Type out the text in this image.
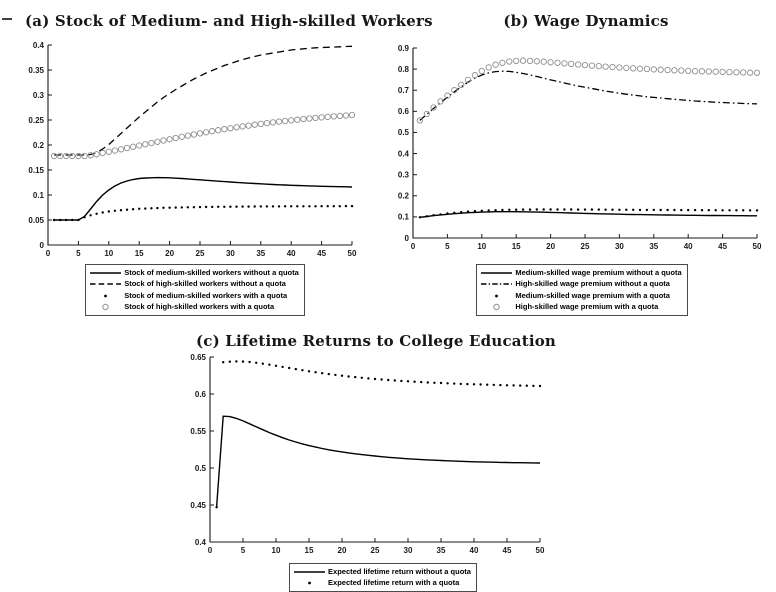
(a) Stock of Medium- and High-skilled Workers	(b) Wage Dynamics
(c) Lifetime Returns to College Education
0
0.05
0.1
0.15
0.2
0.25
0.3
0.35
0.4
0	5	10	15	20	25	30	35	40	45	50
0
0.1
0.2
0.3
0.4
0.5
0.6
0.7
0.8
0.9
0	5	10	15	20	25	30	35	40	45	50
0.4
0.45
0.5
0.55
0.6
0.65
0	5	10	15	20	25	30	35	40	45	50
Stock of medium-skilled workers without a quota
Stock of high-skilled workers without a quota
Stock of medium-skilled workers with a quota
Stock of high-skilled workers with a quota
Medium-skilled wage premium without a quota
High-skilled wage premium without a quota
Medium-skilled wage premium with a quota
High-skilled wage premium with a quota
Expected lifetime return without a quota
Expected lifetime return with a quota
